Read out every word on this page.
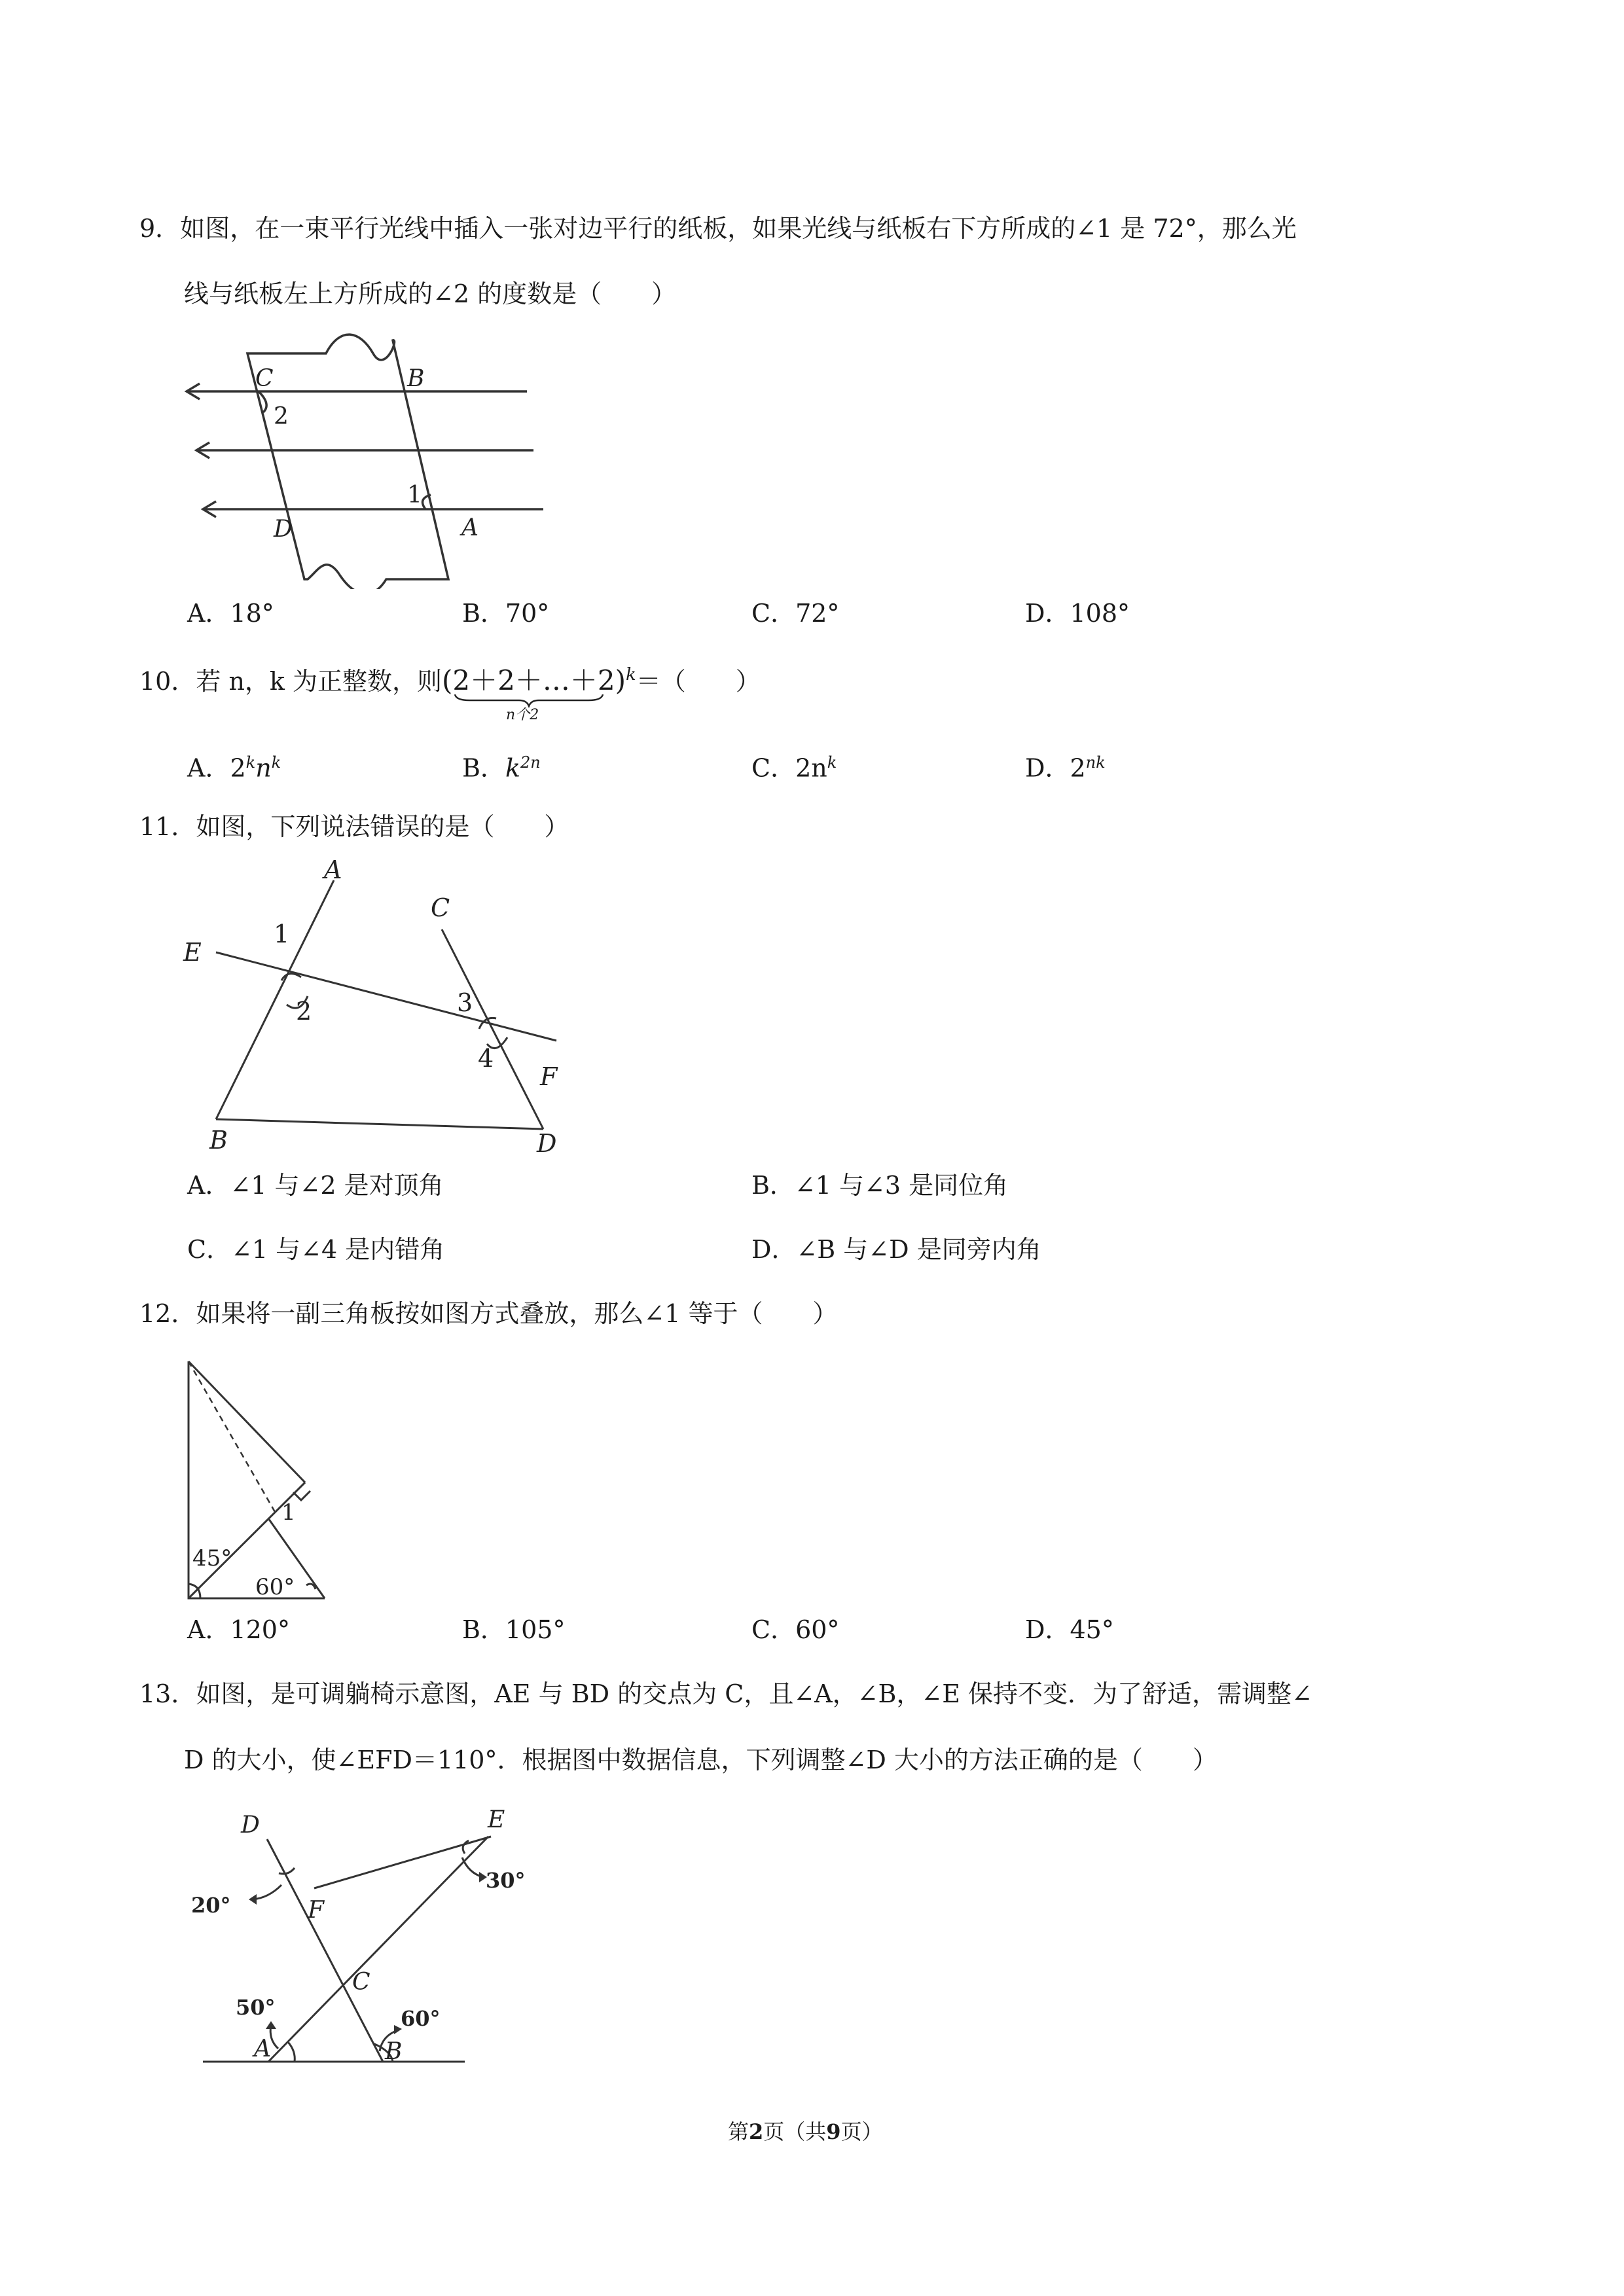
9．如图，在一束平行光线中插入一张对边平行的纸板，如果光线与纸板右下方所成的∠1 是 72°，那么光
线与纸板左上方所成的∠2 的度数是（　　）
C	B
2
1
D	A
A．18°	B．70°	C．72°	D．108°
10．若 n，k 为正整数，则(2＋2＋…＋2)$^k$
n个2
＝（　　）
A．$2^kn^k$	B．$k^{2n}$	C．$2n^k$	D．$2^{nk}$
11．如图，下列说法错误的是（　　）
A
C
E
1
2	3
4
F
B	D
A．∠1 与∠2 是对顶角	B．∠1 与∠3 是同位角
C．∠1 与∠4 是内错角	D．∠B 与∠D 是同旁内角
12．如果将一副三角板按如图方式叠放，那么∠1 等于（　　）
1
45°
60°
A．120°	B．105°	C．60°	D．45°
13．如图，是可调躺椅示意图，AE 与 BD 的交点为 C，且∠A，∠B，∠E 保持不变．为了舒适，需调整∠
D 的大小，使∠EFD＝110°．根据图中数据信息，下列调整∠D 大小的方法正确的是（　　）
D	E
F
20°
30°
C
50°	60°
A	B
第2页（共9页）
